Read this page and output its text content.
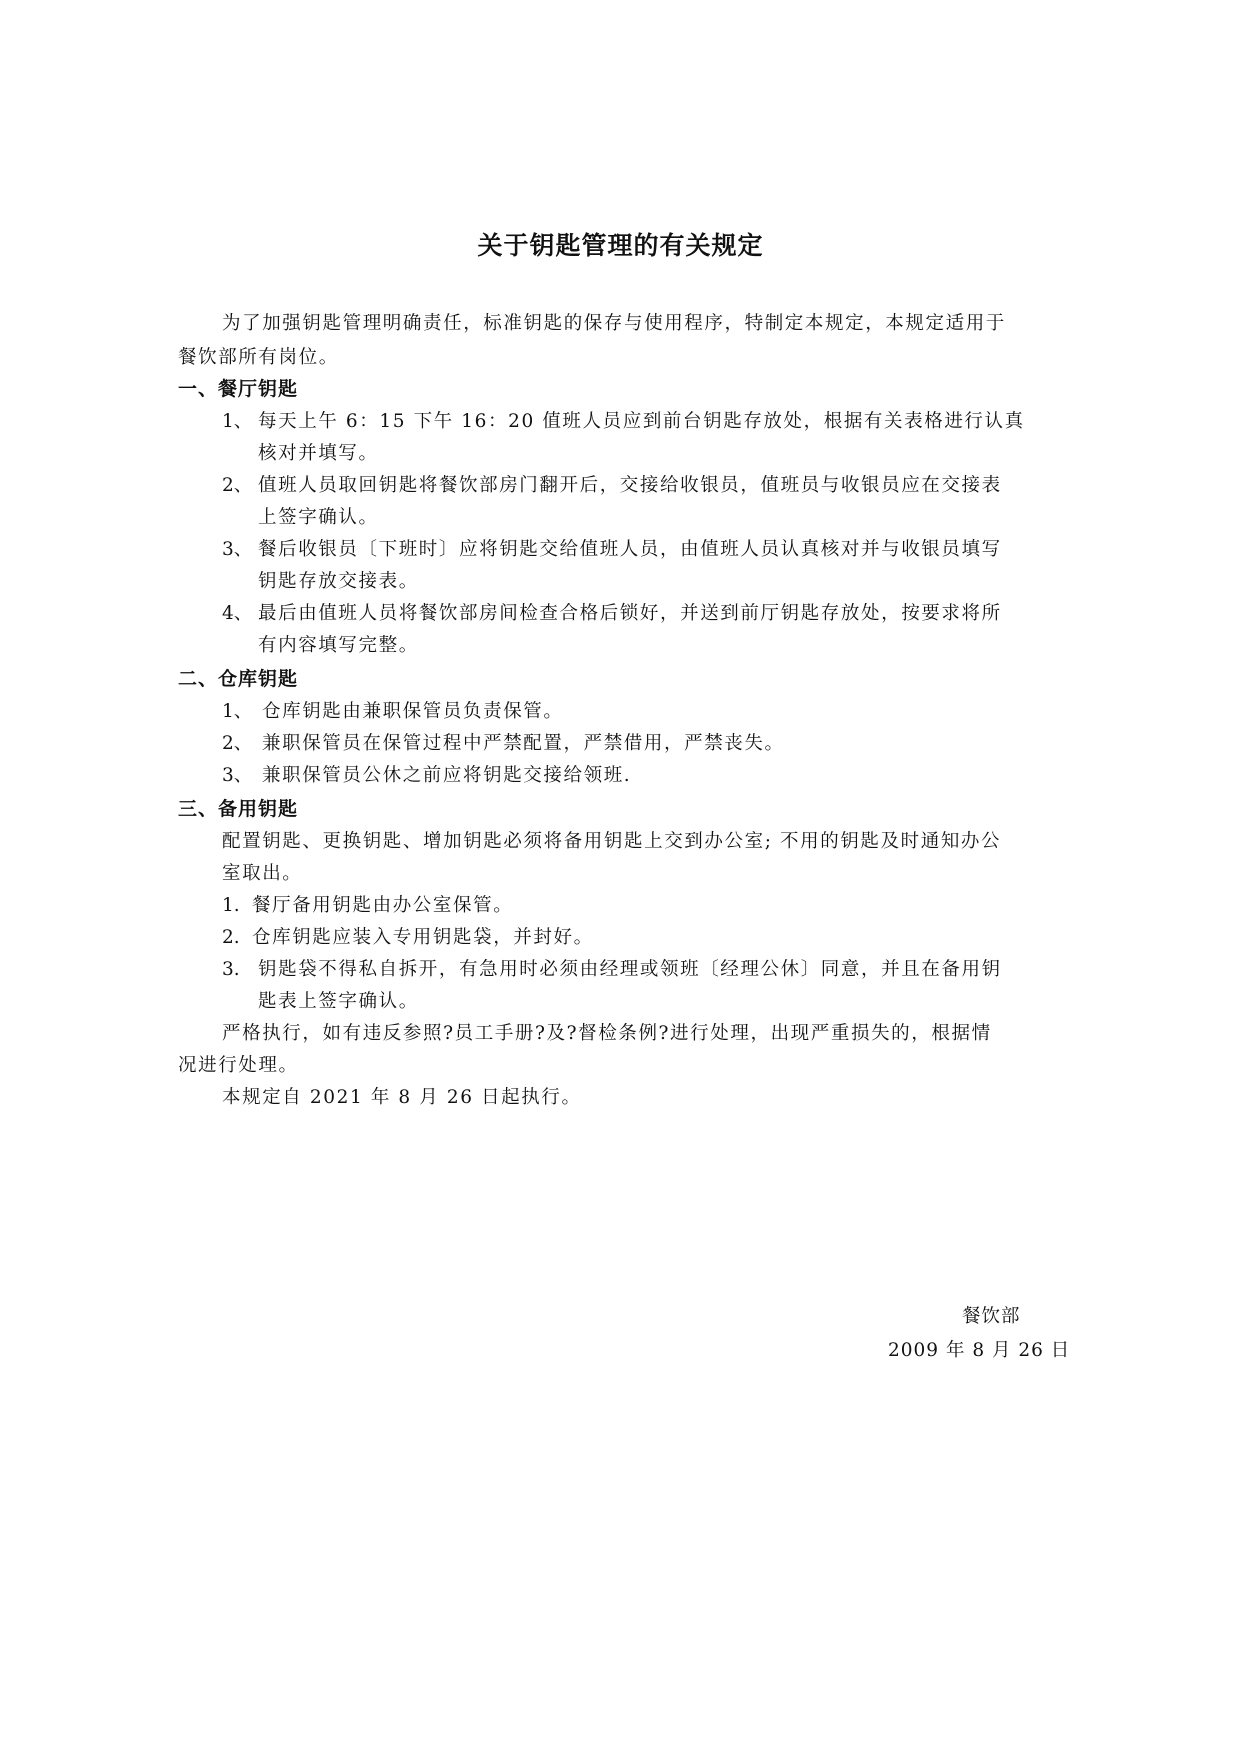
关于钥匙管理的有关规定
为了加强钥匙管理明确责任，标准钥匙的保存与使用程序，特制定本规定，本规定适用于
餐饮部所有岗位。
一、餐厅钥匙
1、 每天上午 6：15 下午 16：20 值班人员应到前台钥匙存放处，根据有关表格进行认真
核对并填写。
2、 值班人员取回钥匙将餐饮部房门翻开后，交接给收银员，值班员与收银员应在交接表
上签字确认。
3、 餐后收银员〔下班时〕应将钥匙交给值班人员，由值班人员认真核对并与收银员填写
钥匙存放交接表。
4、 最后由值班人员将餐饮部房间检查合格后锁好，并送到前厅钥匙存放处，按要求将所
有内容填写完整。
二、仓库钥匙
1、 仓库钥匙由兼职保管员负责保管。
2、 兼职保管员在保管过程中严禁配置，严禁借用，严禁丧失。
3、 兼职保管员公休之前应将钥匙交接给领班.
三、备用钥匙
配置钥匙、更换钥匙、增加钥匙必须将备用钥匙上交到办公室; 不用的钥匙及时通知办公
室取出。
1. 餐厅备用钥匙由办公室保管。
2. 仓库钥匙应装入专用钥匙袋，并封好。
3. 钥匙袋不得私自拆开，有急用时必须由经理或领班〔经理公休〕同意，并且在备用钥
匙表上签字确认。
严格执行，如有违反参照?员工手册?及?督检条例?进行处理，出现严重损失的，根据情
况进行处理。
本规定自 2021 年 8 月 26 日起执行。
餐饮部
2009 年 8 月 26 日
